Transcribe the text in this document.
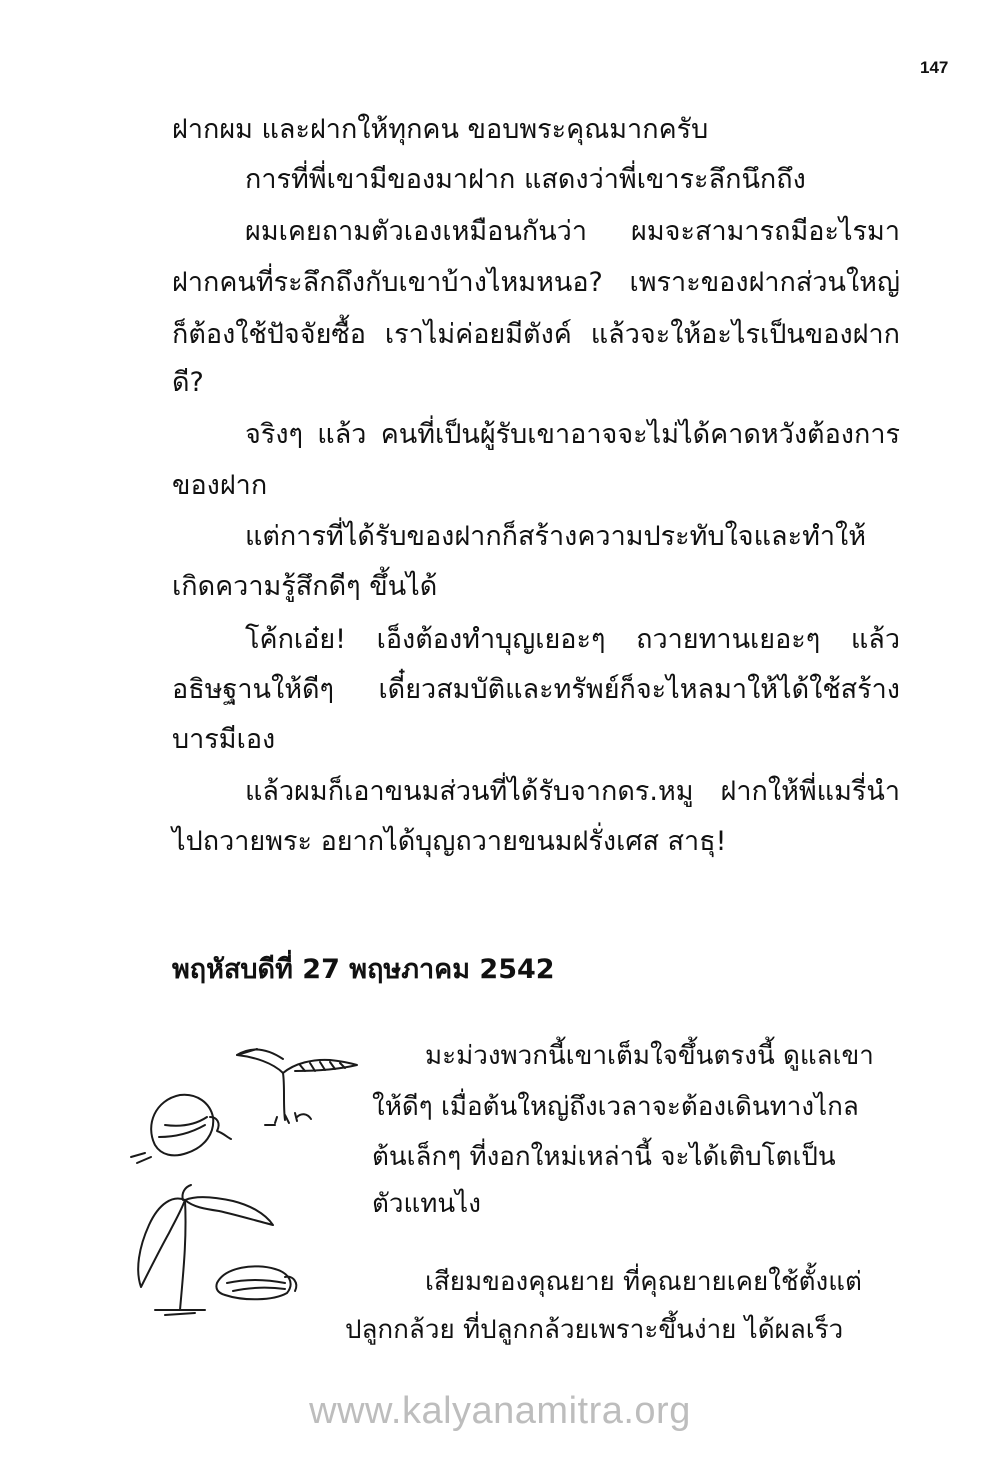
147
ฝากผม และฝากให้ทุกคน ขอบพระคุณมากครับ
การที่พี่เขามีของมาฝาก แสดงว่าพี่เขาระลึกนึกถึง
ผมเคยถามตัวเองเหมือนกันว่า ผมจะสามารถมีอะไรมา
ฝากคนที่ระลึกถึงกับเขาบ้างไหมหนอ? เพราะของฝากส่วนใหญ่
ก็ต้องใช้ปัจจัยซื้อ เราไม่ค่อยมีตังค์ แล้วจะให้อะไรเป็นของฝาก
ดี?
จริงๆ แล้ว คนที่เป็นผู้รับเขาอาจจะไม่ได้คาดหวังต้องการ
ของฝาก
แต่การที่ได้รับของฝากก็สร้างความประทับใจและทำให้
เกิดความรู้สึกดีๆ ขึ้นได้
โค้กเอ๋ย! เอ็งต้องทำบุญเยอะๆ ถวายทานเยอะๆ แล้ว
อธิษฐานให้ดีๆ เดี๋ยวสมบัติและทรัพย์ก็จะไหลมาให้ได้ใช้สร้าง
บารมีเอง
แล้วผมก็เอาขนมส่วนที่ได้รับจากดร.หมู ฝากให้พี่แมรี่นำ
ไปถวายพระ อยากได้บุญถวายขนมฝรั่งเศส สาธุ!
พฤหัสบดีที่ 27 พฤษภาคม 2542
มะม่วงพวกนี้เขาเต็มใจขึ้นตรงนี้ ดูแลเขา
ให้ดีๆ เมื่อต้นใหญ่ถึงเวลาจะต้องเดินทางไกล
ต้นเล็กๆ ที่งอกใหม่เหล่านี้ จะได้เติบโตเป็น
ตัวแทนไง
เสียมของคุณยาย ที่คุณยายเคยใช้ตั้งแต่
ปลูกกล้วย ที่ปลูกกล้วยเพราะขึ้นง่าย ได้ผลเร็ว
www.kalyanamitra.org
